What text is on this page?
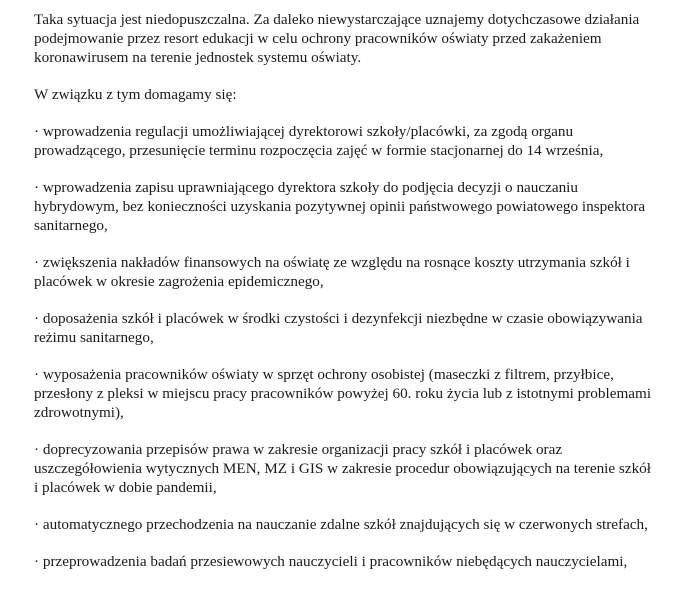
Taka sytuacja jest niedopuszczalna. Za daleko niewystarczające uznajemy dotychczasowe działania podejmowanie przez resort edukacji w celu ochrony pracowników oświaty przed zakażeniem koronawirusem na terenie jednostek systemu oświaty.

W związku z tym domagamy się:

· wprowadzenia regulacji umożliwiającej dyrektorowi szkoły/placówki, za zgodą organu prowadzącego, przesunięcie terminu rozpoczęcia zajęć w formie stacjonarnej do 14 września,

· wprowadzenia zapisu uprawniającego dyrektora szkoły do podjęcia decyzji o nauczaniu hybrydowym, bez konieczności uzyskania pozytywnej opinii państwowego powiatowego inspektora sanitarnego,

· zwiększenia nakładów finansowych na oświatę ze względu na rosnące koszty utrzymania szkół i placówek w okresie zagrożenia epidemicznego,

· doposażenia szkół i placówek w środki czystości i dezynfekcji niezbędne w czasie obowiązywania reżimu sanitarnego,

· wyposażenia pracowników oświaty w sprzęt ochrony osobistej (maseczki z filtrem, przyłbice, przesłony z pleksi w miejscu pracy pracowników powyżej 60. roku życia lub z istotnymi problemami zdrowotnymi),

· doprecyzowania przepisów prawa w zakresie organizacji pracy szkół i placówek oraz uszczegółowienia wytycznych MEN, MZ i GIS w zakresie procedur obowiązujących na terenie szkół i placówek w dobie pandemii,

· automatycznego przechodzenia na nauczanie zdalne szkół znajdujących się w czerwonych strefach,

· przeprowadzenia badań przesiewowych nauczycieli i pracowników niebędących nauczycielami,
